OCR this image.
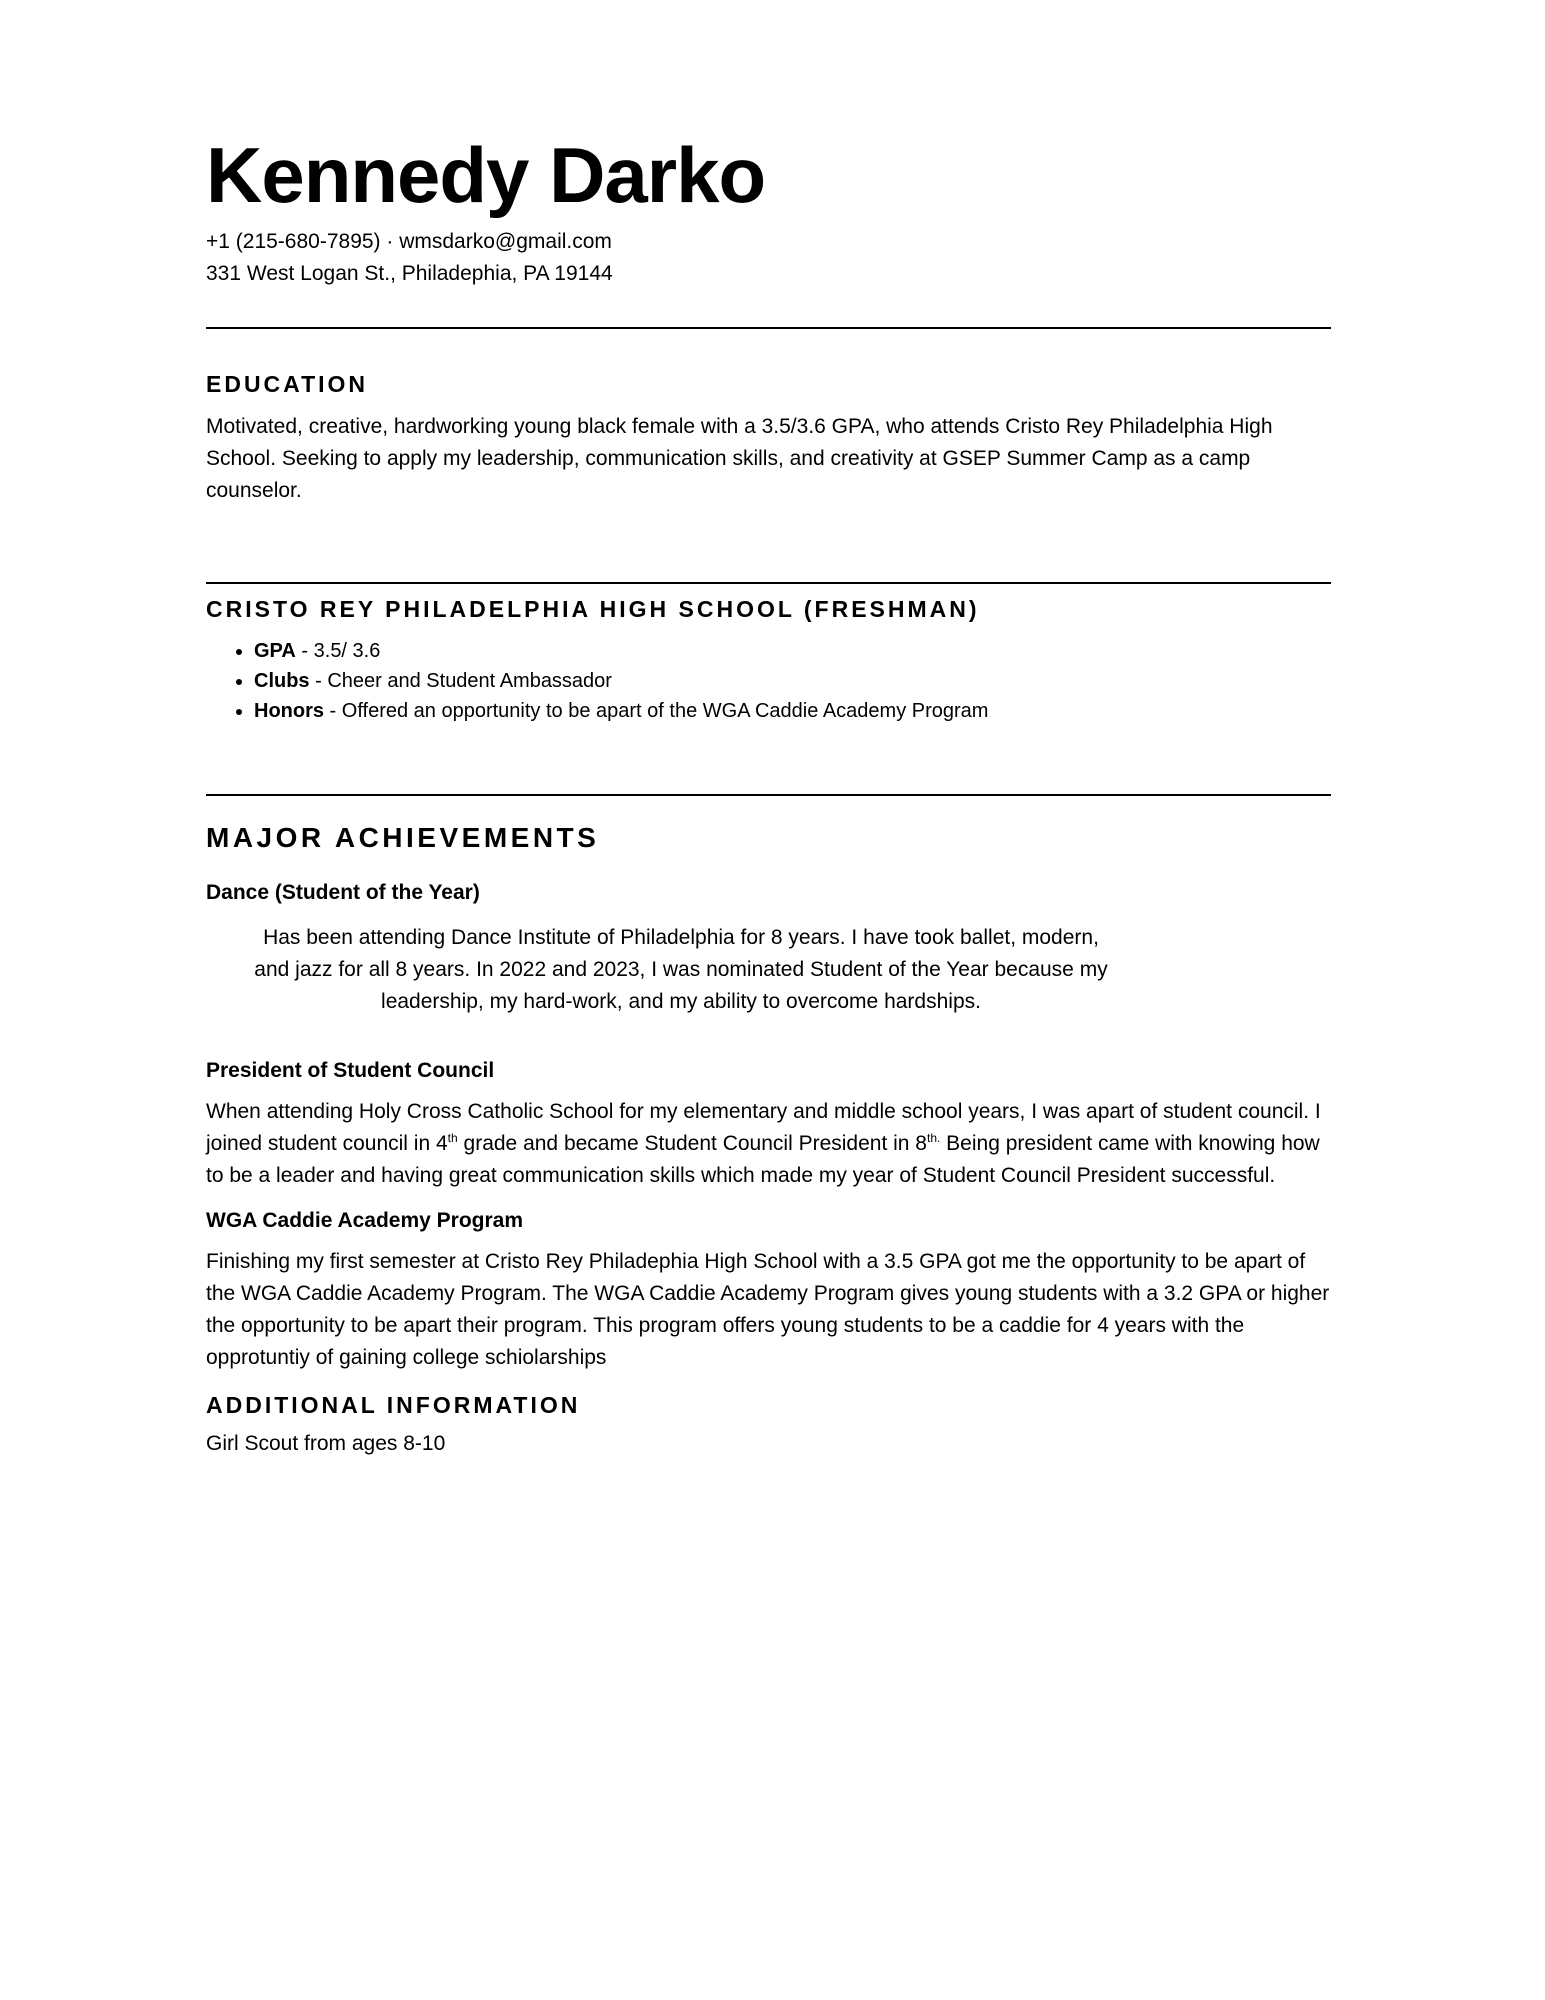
Kennedy Darko

+1 (215-680-7895) · wmsdarko@gmail.com

331 West Logan St., Philadephia, PA 19144

EDUCATION

Motivated, creative, hardworking young black female with a 3.5/3.6 GPA, who attends Cristo Rey Philadelphia High School. Seeking to apply my leadership, communication skills, and creativity at GSEP Summer Camp as a camp counselor.

CRISTO REY PHILADELPHIA HIGH SCHOOL (FRESHMAN)
• GPA - 3.5/ 3.6
• Clubs - Cheer and Student Ambassador
• Honors - Offered an opportunity to be apart of the WGA Caddie Academy Program
MAJOR ACHIEVEMENTS
Dance (Student of the Year)
Has been attending Dance Institute of Philadelphia for 8 years. I have took ballet, modern,
and jazz for all 8 years. In 2022 and 2023, I was nominated Student of the Year because my
leadership, my hard-work, and my ability to overcome hardships.
President of Student Council

When attending Holy Cross Catholic School for my elementary and middle school years, I was apart of student council. I joined student council in 4th grade and became Student Council President in $8^{th.}$ Being president came with knowing how to be a leader and having great communication skills which made my year of Student Council President successful.

WGA Caddie Academy Program

Finishing my first semester at Cristo Rey Philadephia High School with a 3.5 GPA got me the opportunity to be apart of the WGA Caddie Academy Program. The WGA Caddie Academy Program gives young students with a 3.2 GPA or higher the opportunity to be apart their program. This program offers young students to be a caddie for 4 years with the opprotuntiy of gaining college schiolarships

ADDITIONAL INFORMATION

Girl Scout from ages 8-10
